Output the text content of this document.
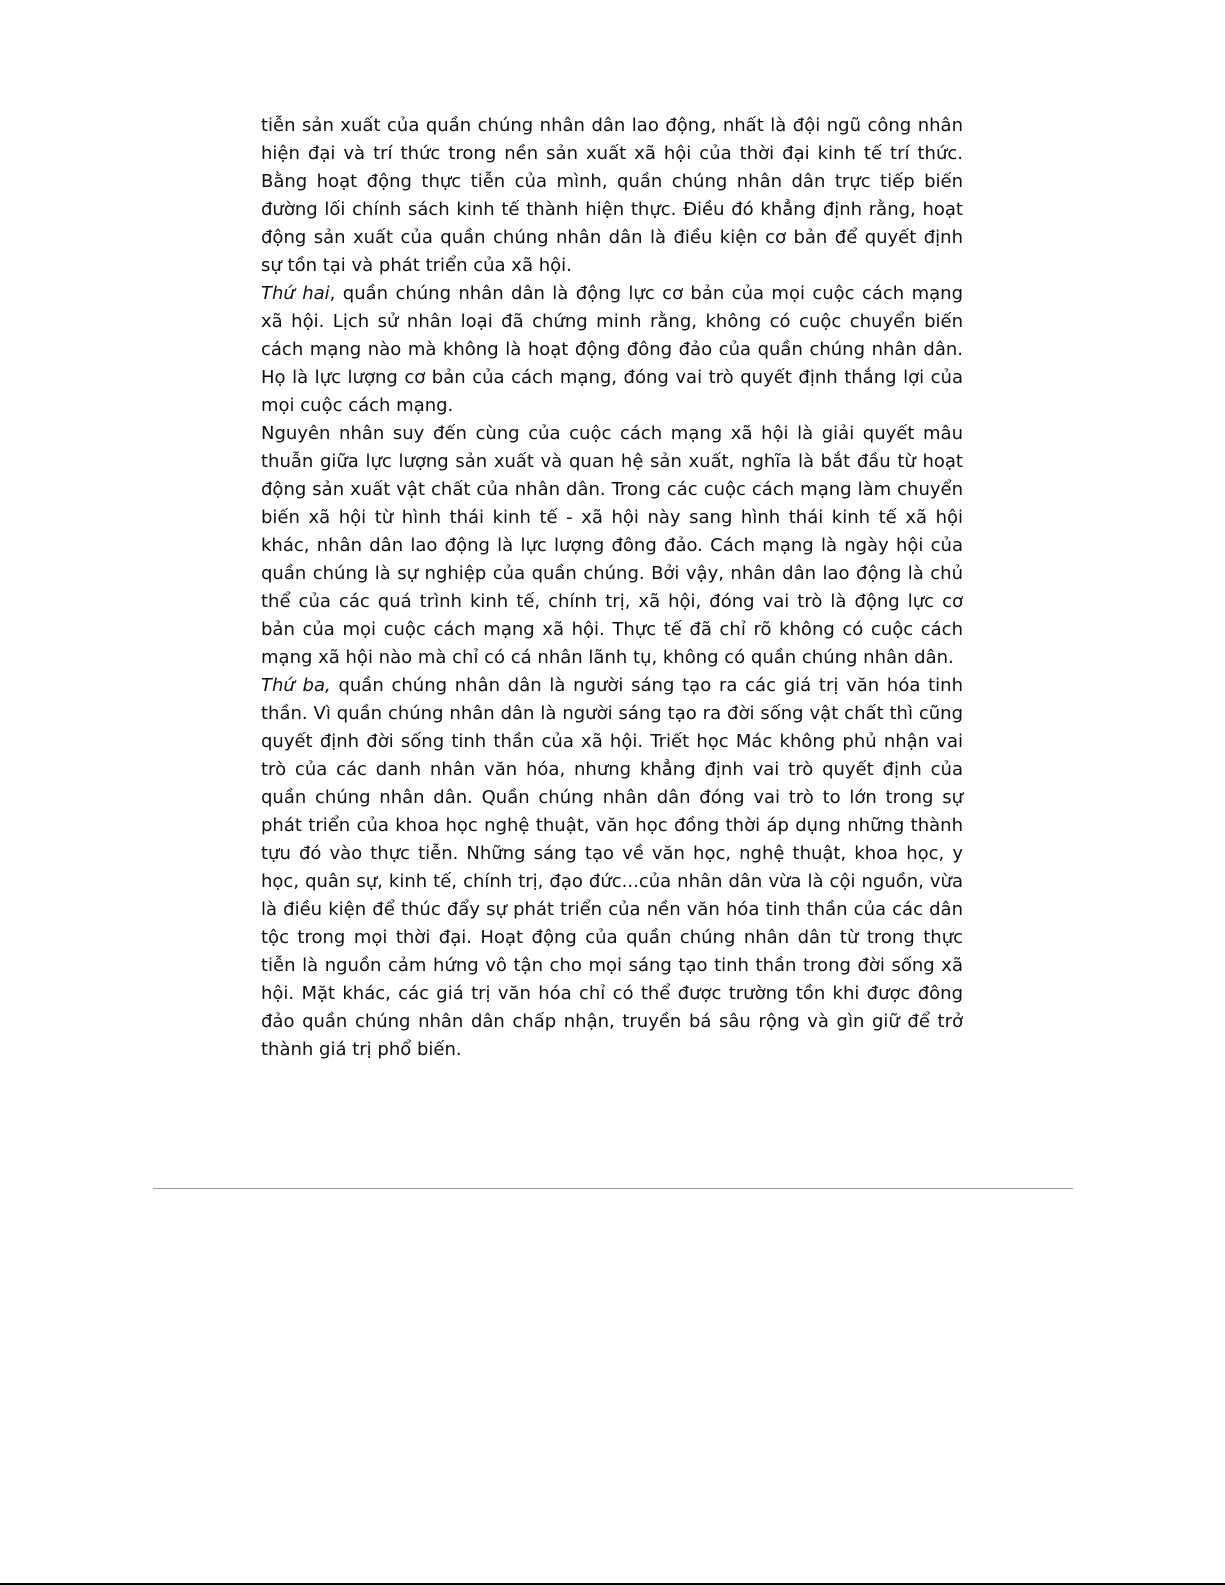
tiễn sản xuất của quần chúng nhân dân lao động, nhất là đội ngũ công nhân hiện đại và trí thức trong nền sản xuất xã hội của thời đại kinh tế trí thức. Bằng hoạt động thực tiễn của mình, quần chúng nhân dân trực tiếp biến đường lối chính sách kinh tế thành hiện thực. Điều đó khẳng định rằng, hoạt động sản xuất của quần chúng nhân dân là điều kiện cơ bản để quyết định sự tồn tại và phát triển của xã hội.

Thứ hai, quần chúng nhân dân là động lực cơ bản của mọi cuộc cách mạng xã hội. Lịch sử nhân loại đã chứng minh rằng, không có cuộc chuyển biến cách mạng nào mà không là hoạt động đông đảo của quần chúng nhân dân. Họ là lực lượng cơ bản của cách mạng, đóng vai trò quyết định thắng lợi của mọi cuộc cách mạng.

Nguyên nhân suy đến cùng của cuộc cách mạng xã hội là giải quyết mâu thuẫn giữa lực lượng sản xuất và quan hệ sản xuất, nghĩa là bắt đầu từ hoạt động sản xuất vật chất của nhân dân. Trong các cuộc cách mạng làm chuyển biến xã hội từ hình thái kinh tế - xã hội này sang hình thái kinh tế xã hội khác, nhân dân lao động là lực lượng đông đảo. Cách mạng là ngày hội của quần chúng là sự nghiệp của quần chúng. Bởi vậy, nhân dân lao động là chủ thể của các quá trình kinh tế, chính trị, xã hội, đóng vai trò là động lực cơ bản của mọi cuộc cách mạng xã hội. Thực tế đã chỉ rõ không có cuộc cách mạng xã hội nào mà chỉ có cá nhân lãnh tụ, không có quần chúng nhân dân.

Thứ ba, quần chúng nhân dân là người sáng tạo ra các giá trị văn hóa tinh thần. Vì quần chúng nhân dân là người sáng tạo ra đời sống vật chất thì cũng quyết định đời sống tinh thần của xã hội. Triết học Mác không phủ nhận vai trò của các danh nhân văn hóa, nhưng khẳng định vai trò quyết định của quần chúng nhân dân. Quần chúng nhân dân đóng vai trò to lớn trong sự phát triển của khoa học nghệ thuật, văn học đồng thời áp dụng những thành tựu đó vào thực tiễn. Những sáng tạo về văn học, nghệ thuật, khoa học, y học, quân sự, kinh tế, chính trị, đạo đức...của nhân dân vừa là cội nguồn, vừa là điều kiện để thúc đẩy sự phát triển của nền văn hóa tinh thần của các dân tộc trong mọi thời đại. Hoạt động của quần chúng nhân dân từ trong thực tiễn là nguồn cảm hứng vô tận cho mọi sáng tạo tinh thần trong đời sống xã hội. Mặt khác, các giá trị văn hóa chỉ có thể được trường tồn khi được đông đảo quần chúng nhân dân chấp nhận, truyền bá sâu rộng và gìn giữ để trở thành giá trị phổ biến.
